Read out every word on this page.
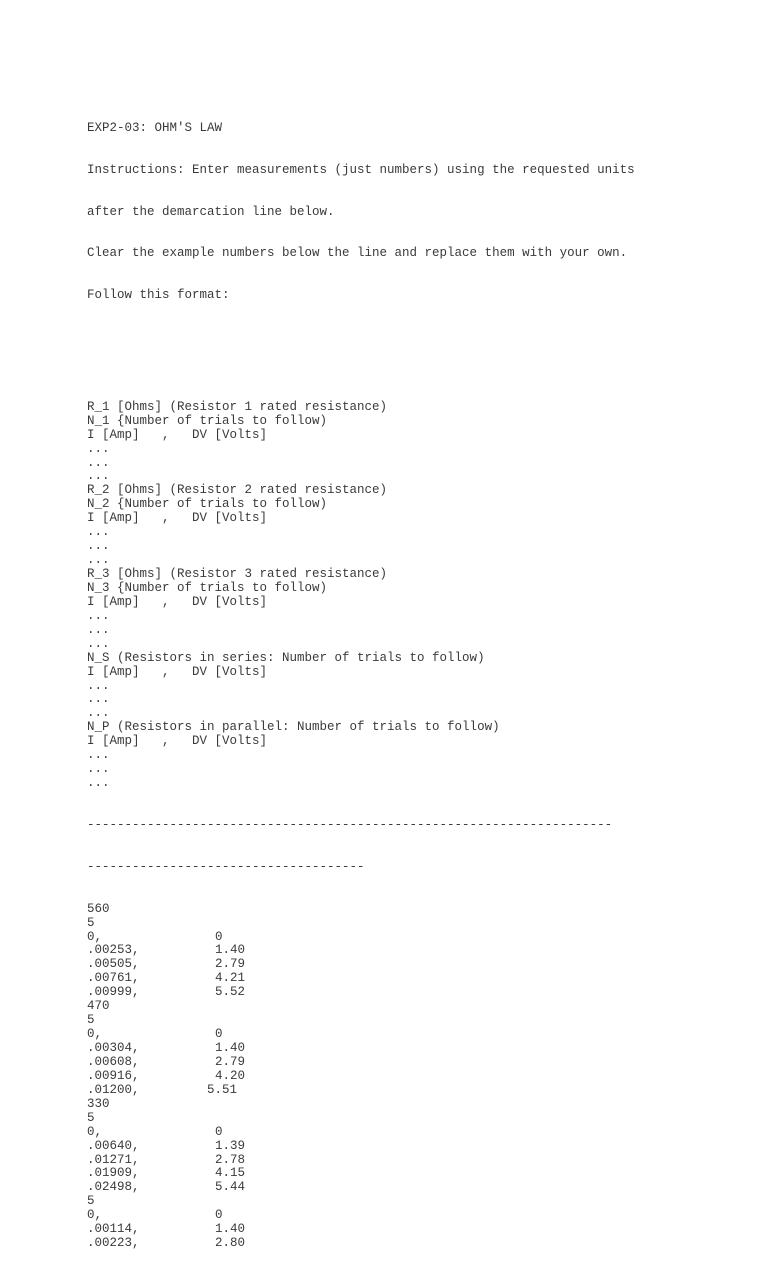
EXP2-03: OHM'S LAW

Instructions: Enter measurements (just numbers) using the requested units

after the demarcation line below.

Clear the example numbers below the line and replace them with your own.

Follow this format:

R_1 [Ohms] (Resistor 1 rated resistance)
N_1 {Number of trials to follow)
I [Amp]   ,   DV [Volts]
...
...
...
R_2 [Ohms] (Resistor 2 rated resistance)
N_2 {Number of trials to follow)
I [Amp]   ,   DV [Volts]
...
...
...
R_3 [Ohms] (Resistor 3 rated resistance)
N_3 {Number of trials to follow)
I [Amp]   ,   DV [Volts]
...
...
...
N_S (Resistors in series: Number of trials to follow)
I [Amp]   ,   DV [Volts]
...
...
...
N_P (Resistors in parallel: Number of trials to follow)
I [Amp]   ,   DV [Volts]
...
...
...

----------------------------------------------------------------------

-------------------------------------

560
5
0,	0
.00253,	1.40
.00505,	2.79
.00761,	4.21
.00999,	5.52
470
5
0,	0
.00304,	1.40
.00608,	2.79
.00916,	4.20
.01200,	5.51
330
5
0,	0
.00640,	1.39
.01271,	2.78
.01909,	4.15
.02498,	5.44
5
0,	0
.00114,	1.40
.00223,	2.80
